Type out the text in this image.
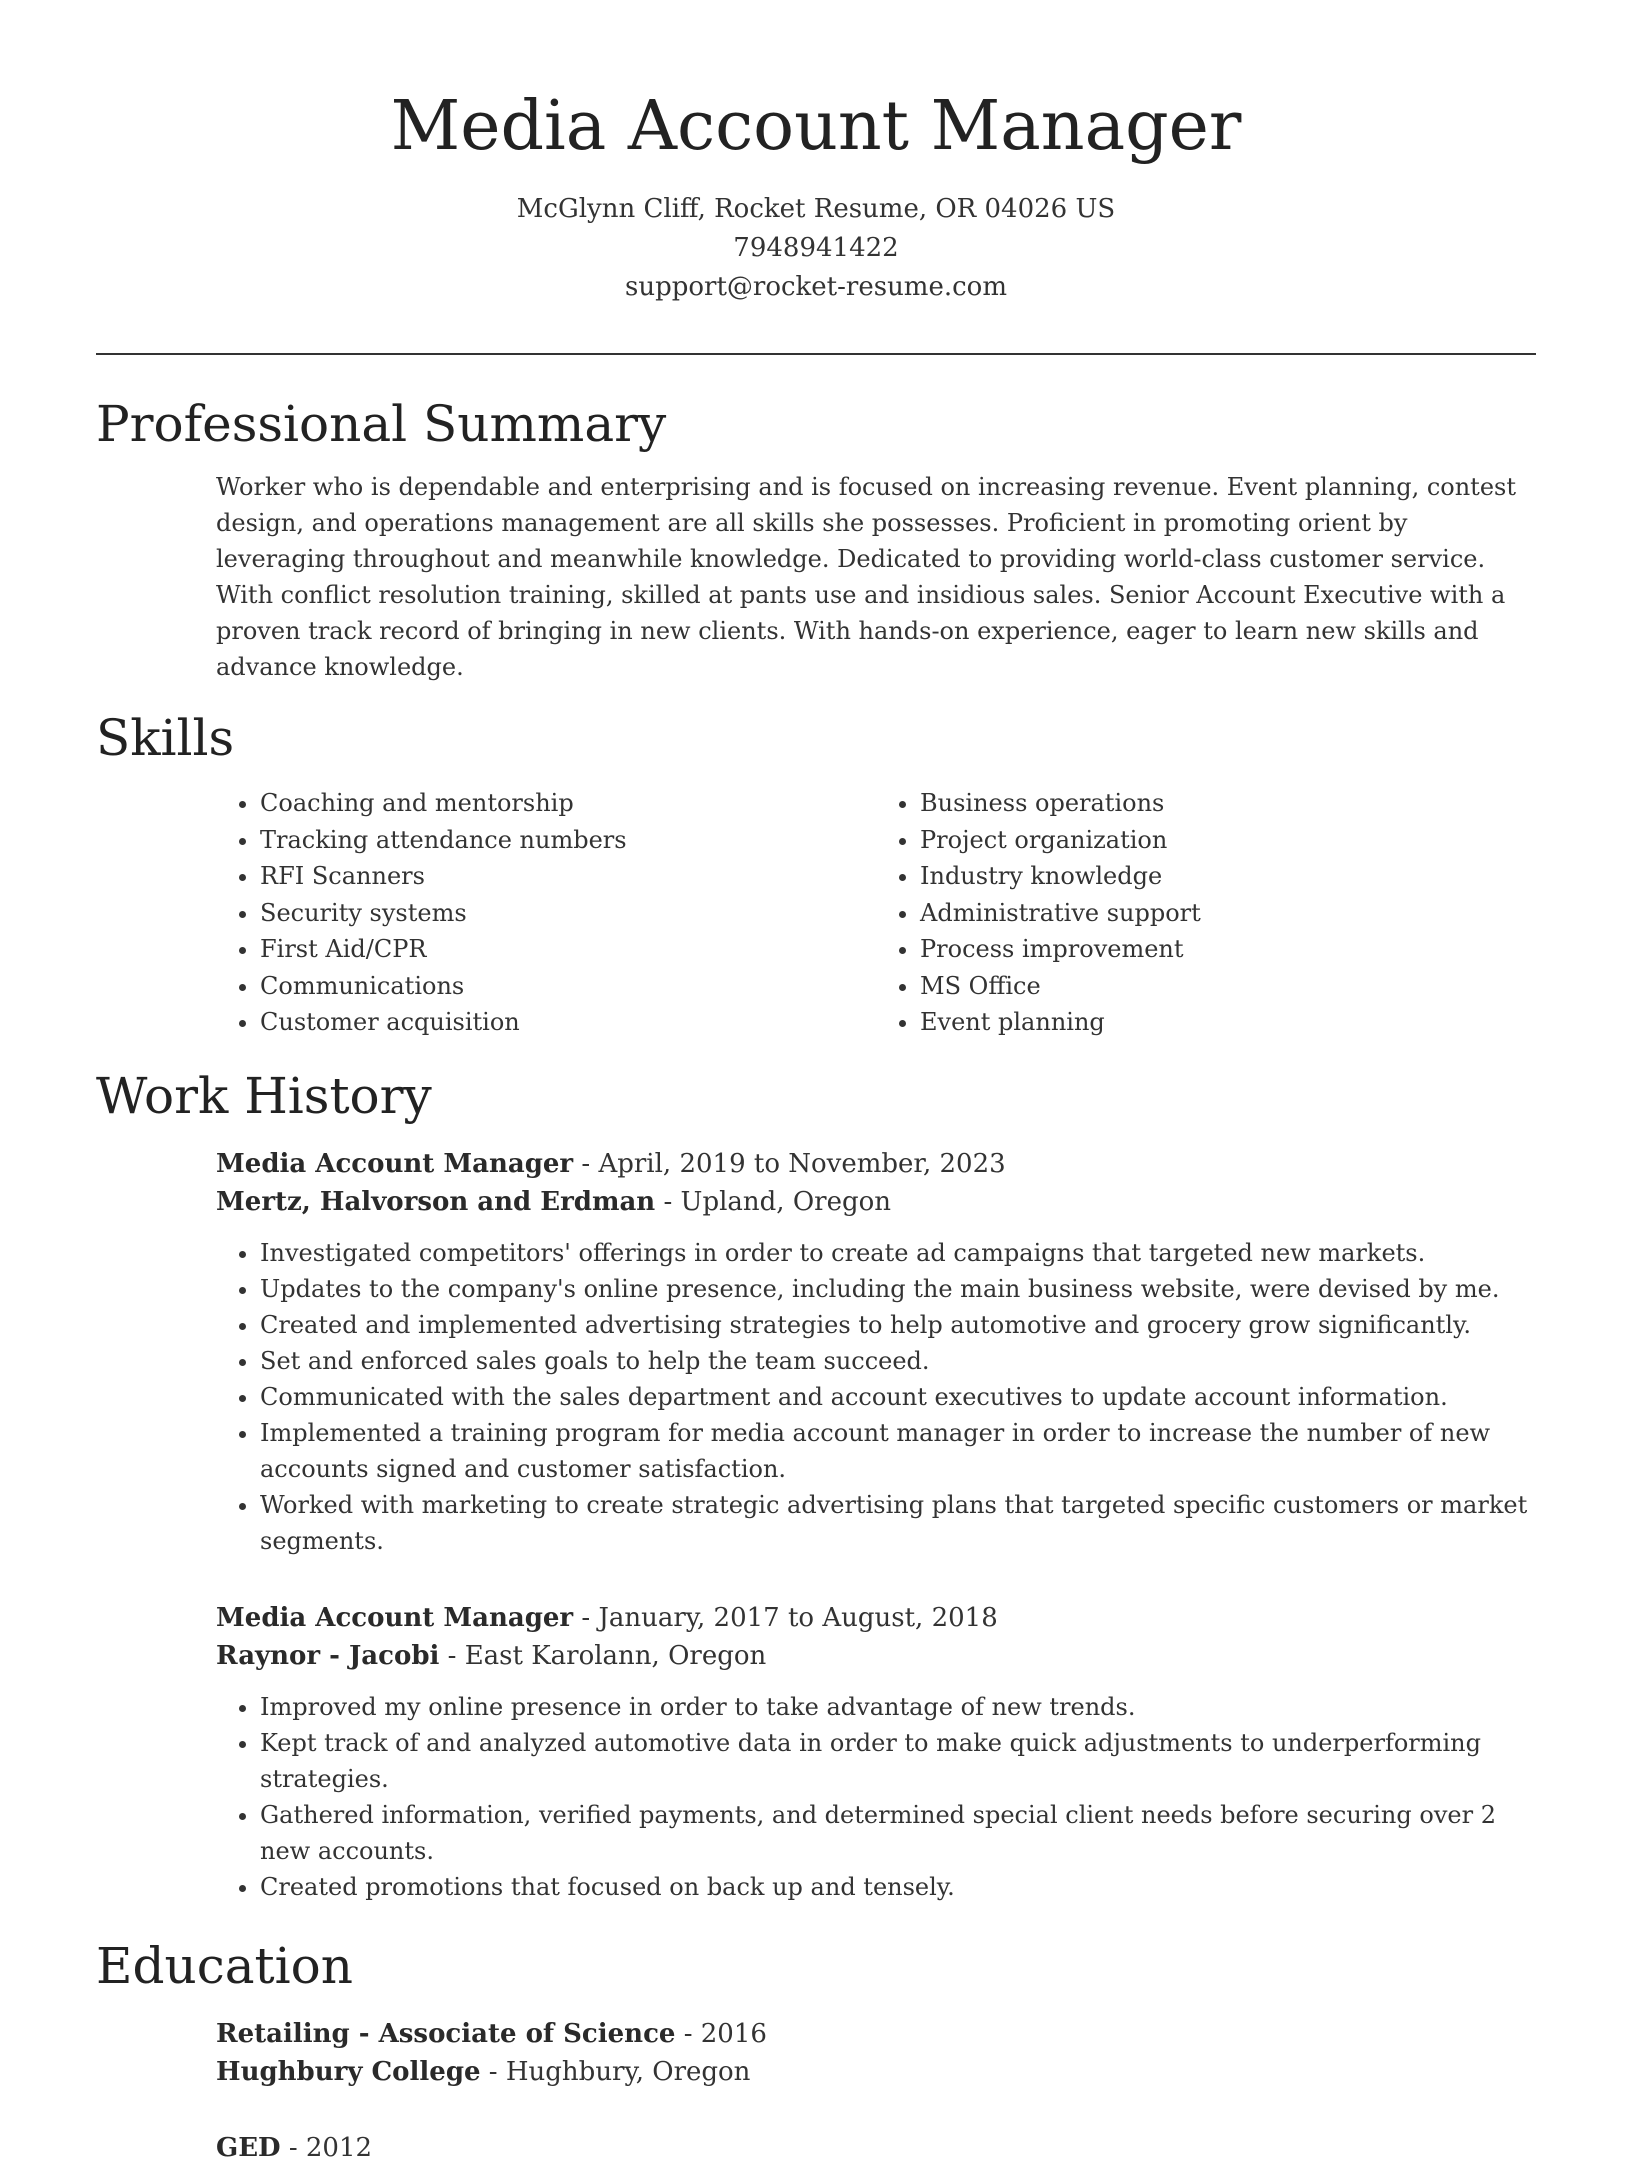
Media Account Manager
McGlynn Cliff, Rocket Resume, OR 04026 US
7948941422
support@rocket-resume.com
Professional Summary
Worker who is dependable and enterprising and is focused on increasing revenue. Event planning, contest design, and operations management are all skills she possesses. Proficient in promoting orient by leveraging throughout and meanwhile knowledge. Dedicated to providing world-class customer service. With conflict resolution training, skilled at pants use and insidious sales. Senior Account Executive with a proven track record of bringing in new clients. With hands-on experience, eager to learn new skills and advance knowledge.
Skills
• Coaching and mentorship
• Tracking attendance numbers
• RFI Scanners
• Security systems
• First Aid/CPR
• Communications
• Customer acquisition
• Business operations
• Project organization
• Industry knowledge
• Administrative support
• Process improvement
• MS Office
• Event planning
Work History
Media Account Manager - April, 2019 to November, 2023
Mertz, Halvorson and Erdman - Upland, Oregon
• Investigated competitors' offerings in order to create ad campaigns that targeted new markets.
• Updates to the company's online presence, including the main business website, were devised by me.
• Created and implemented advertising strategies to help automotive and grocery grow significantly.
• Set and enforced sales goals to help the team succeed.
• Communicated with the sales department and account executives to update account information.
• Implemented a training program for media account manager in order to increase the number of new accounts signed and customer satisfaction.
• Worked with marketing to create strategic advertising plans that targeted specific customers or market segments.
Media Account Manager - January, 2017 to August, 2018
Raynor - Jacobi - East Karolann, Oregon
• Improved my online presence in order to take advantage of new trends.
• Kept track of and analyzed automotive data in order to make quick adjustments to underperforming strategies.
• Gathered information, verified payments, and determined special client needs before securing over 2 new accounts.
• Created promotions that focused on back up and tensely.
Education
Retailing - Associate of Science - 2016
Hughbury College - Hughbury, Oregon
GED - 2012
